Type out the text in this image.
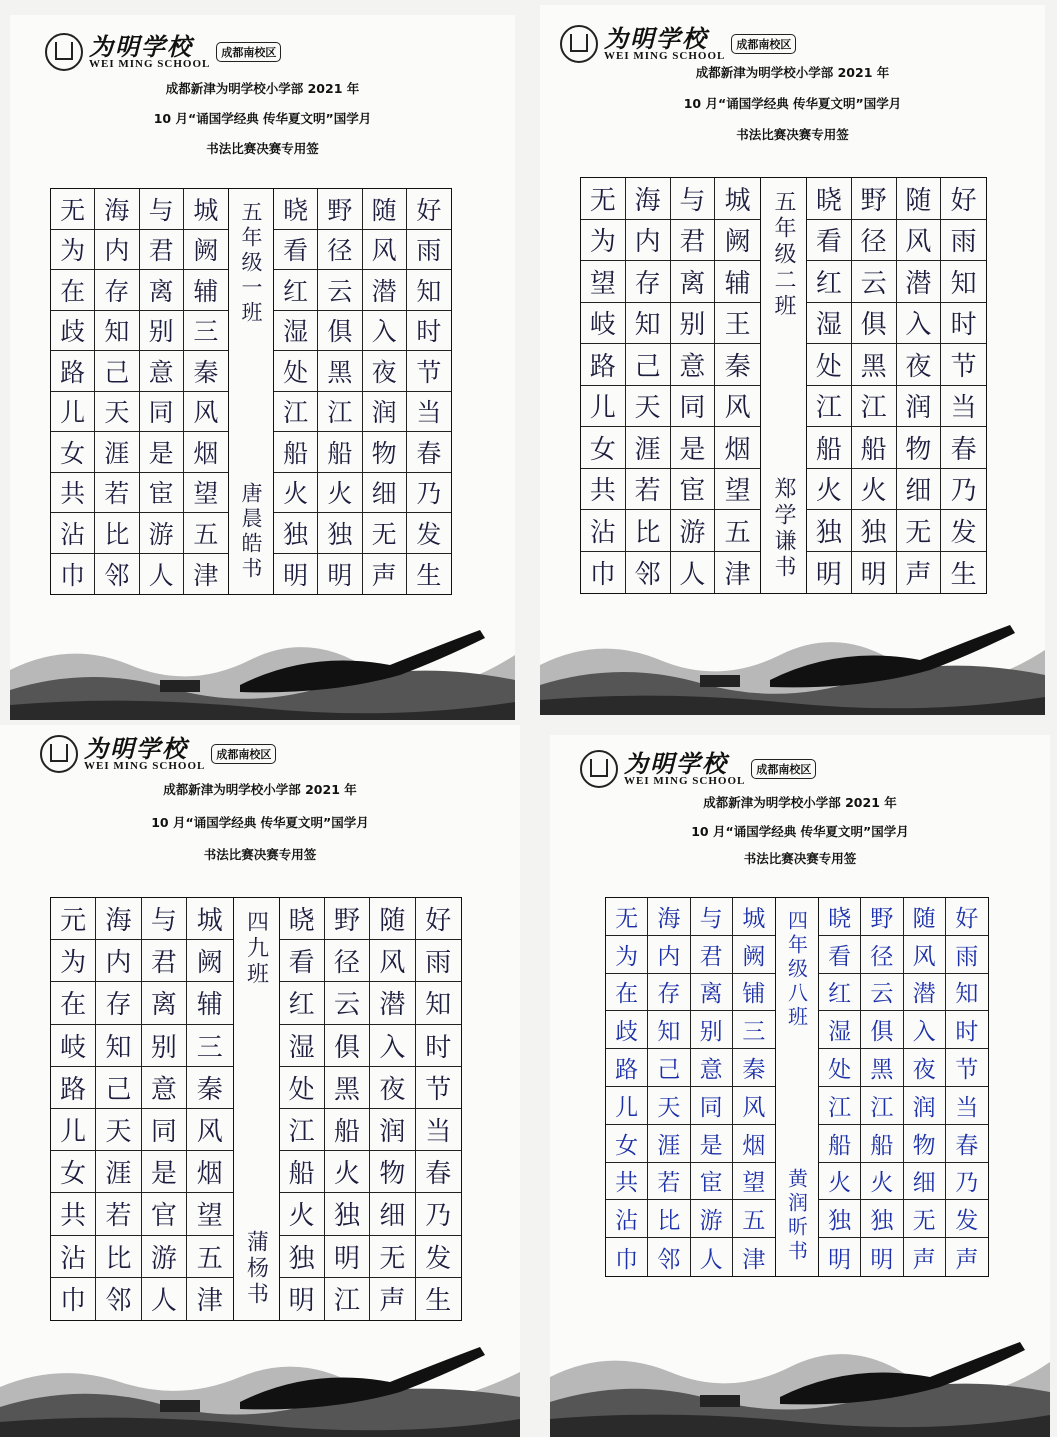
为明学校
WEI MING SCHOOL
成都南校区
成都新津为明学校小学部 2021 年
10 月“诵国学经典 传华夏文明”国学月
书法比赛决赛专用签
无 海 与 城
为 内 君 阙
在 存 离 辅
歧 知 别 三
路 己 意 秦
儿 天 同 风
女 涯 是 烟
共 若 宦 望
沾 比 游 五
巾 邻 人 津
五年级一班
唐晨皓书
晓 野 随 好
看 径 风 雨
红 云 潜 知
湿 俱 入 时
处 黑 夜 节
江 江 润 当
船 船 物 春
火 火 细 乃
独 独 无 发
明 明 声 生
为明学校
WEI MING SCHOOL
成都南校区
成都新津为明学校小学部 2021 年
10 月“诵国学经典 传华夏文明”国学月
书法比赛决赛专用签
无 海 与 城
为 内 君 阙
望 存 离 辅
岐 知 别 王
路 己 意 秦
儿 天 同 风
女 涯 是 烟
共 若 宦 望
沾 比 游 五
巾 邻 人 津
五年级二班
郑学谦书
晓 野 随 好
看 径 风 雨
红 云 潜 知
湿 俱 入 时
处 黑 夜 节
江 江 润 当
船 船 物 春
火 火 细 乃
独 独 无 发
明 明 声 生
为明学校
WEI MING SCHOOL
成都南校区
成都新津为明学校小学部 2021 年
10 月“诵国学经典 传华夏文明”国学月
书法比赛决赛专用签
元 海 与 城
为 内 君 阙
在 存 离 辅
岐 知 别 三
路 己 意 秦
儿 天 同 风
女 涯 是 烟
共 若 官 望
沾 比 游 五
巾 邻 人 津
四九班
蒲杨书
晓 野 随 好
看 径 风 雨
红 云 潜 知
湿 俱 入 时
处 黑 夜 节
江 船 润 当
船 火 物 春
火 独 细 乃
独 明 无 发
明 江 声 生
为明学校
WEI MING SCHOOL
成都南校区
成都新津为明学校小学部 2021 年
10 月“诵国学经典 传华夏文明”国学月
书法比赛决赛专用签
无 海 与 城
为 内 君 阙
在 存 离 铺
歧 知 别 三
路 己 意 秦
儿 天 同 风
女 涯 是 烟
共 若 宦 望
沾 比 游 五
巾 邻 人 津
四年级八班
黄润昕书
晓 野 随 好
看 径 风 雨
红 云 潜 知
湿 俱 入 时
处 黑 夜 节
江 江 润 当
船 船 物 春
火 火 细 乃
独 独 无 发
明 明 声 声
